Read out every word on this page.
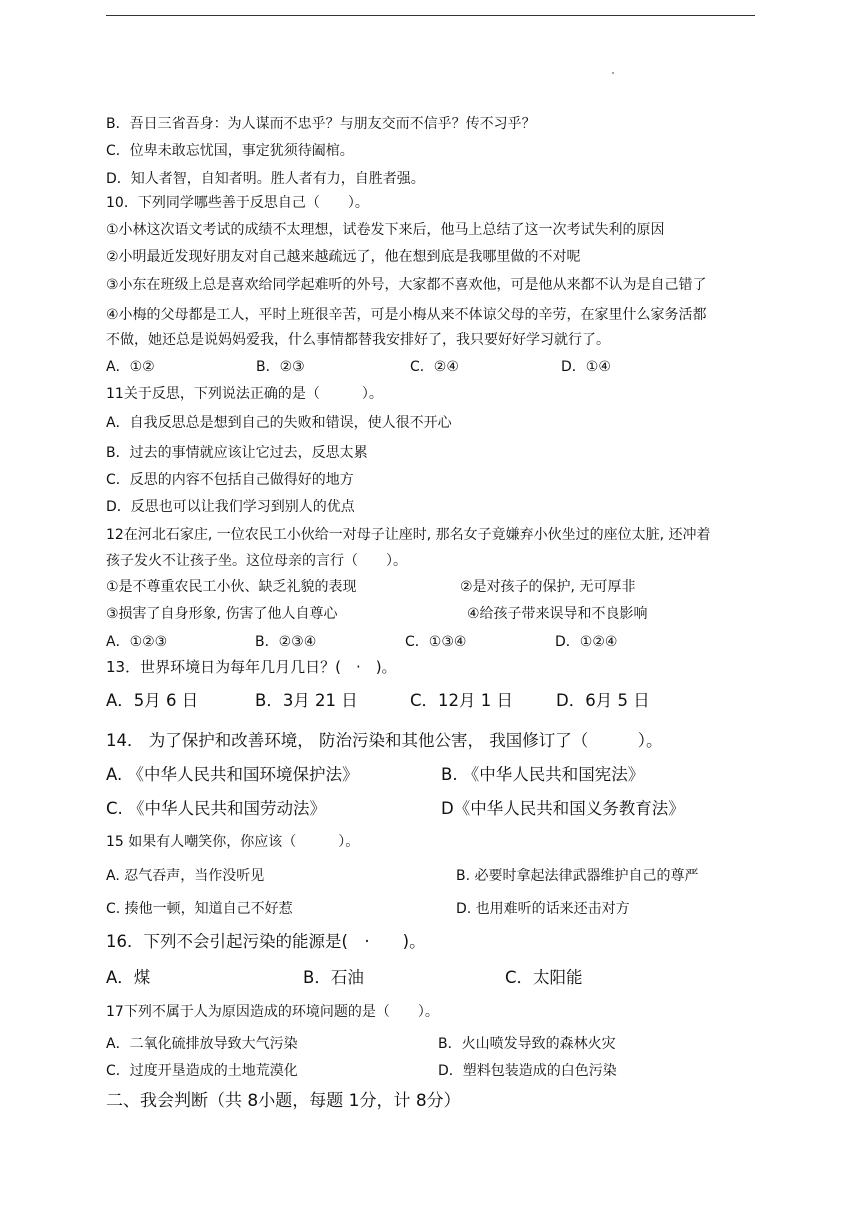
B．吾日三省吾身：为人谋而不忠乎？与朋友交而不信乎？传不习乎？
C．位卑未敢忘忧国，事定犹须待阖棺。
D．知人者智，自知者明。胜人者有力，自胜者强。
10．下列同学哪些善于反思自己（　　）。
①小林这次语文考试的成绩不太理想，试卷发下来后，他马上总结了这一次考试失利的原因
②小明最近发现好朋友对自己越来越疏远了，他在想到底是我哪里做的不对呢
③小东在班级上总是喜欢给同学起难听的外号，大家都不喜欢他，可是他从来都不认为是自己错了
④小梅的父母都是工人，平时上班很辛苦，可是小梅从来不体谅父母的辛劳，在家里什么家务活都
不做，她还总是说妈妈爱我，什么事情都替我安排好了，我只要好好学习就行了。
A．①②	B．②③	C．②④	D．①④
11关于反思，下列说法正确的是（　　　）。
A．自我反思总是想到自己的失败和错误，使人很不开心
B．过去的事情就应该让它过去，反思太累
C．反思的内容不包括自己做得好的地方
D．反思也可以让我们学习到别人的优点
12在河北石家庄, 一位农民工小伙给一对母子让座时, 那名女子竟嫌弃小伙坐过的座位太脏, 还冲着
孩子发火不让孩子坐。这位母亲的言行（　　）。
①是不尊重农民工小伙、缺乏礼貌的表现	②是对孩子的保护, 无可厚非
③损害了自身形象, 伤害了他人自尊心	④给孩子带来误导和不良影响
A．①②③	B．②③④	C．①③④	D．①②④
13．世界环境日为每年几月几日？(　·　)。
A．5月 6 日	B．3月 21 日	C．12月 1 日	D．6月 5 日
14． 为了保护和改善环境， 防治污染和其他公害， 我国修订了（　　　）。
A. 《中华人民共和国环境保护法》	B. 《中华人民共和国宪法》
C. 《中华人民共和国劳动法》	D《中华人民共和国义务教育法》
15 如果有人嘲笑你，你应该（　　　）。
A. 忍气吞声，当作没听见	B. 必要时拿起法律武器维护自己的尊严
C. 揍他一顿，知道自己不好惹	D. 也用难听的话来还击对方
16．下列不会引起污染的能源是(　·　　)。
A．煤	B．石油	C．太阳能
17下列不属于人为原因造成的环境问题的是（　　）。
A．二氧化硫排放导致大气污染	B．火山喷发导致的森林火灾
C．过度开垦造成的土地荒漠化	D．塑料包装造成的白色污染
二、我会判断（共 8小题，每题 1分，计 8分）
